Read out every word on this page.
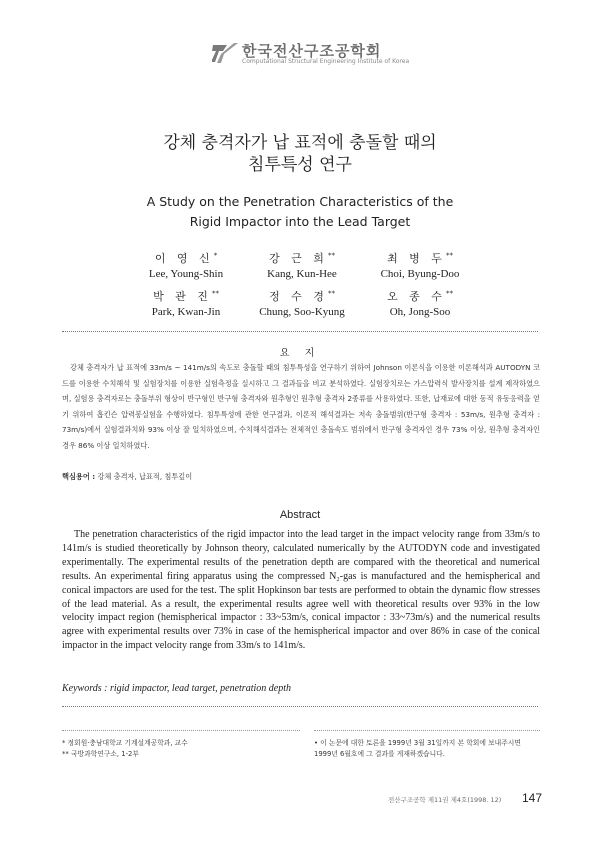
한국전산구조공학회
Computational Structural Engineering Institute of Korea
강체 충격자가 납 표적에 충돌할 때의
침투특성 연구
A Study on the Penetration Characteristics of the
Rigid Impactor into the Lead Target
이 영 신*
Lee, Young-Shin
강 근 희**
Kang, Kun-Hee
최 병 두**
Choi, Byung-Doo
박 관 진**
Park, Kwan-Jin
정 수 경**
Chung, Soo-Kyung
오 종 수**
Oh, Jong-Soo
요 지
강체 충격자가 납 표적에 33m/s ~ 141m/s의 속도로 충돌할 때의 침투특성을 연구하기 위하여 Johnson 이론식을 이용한 이론해석과 AUTODYN 코드를 이용한 수치해석 및 실험장치를 이용한 실험측정을 실시하고 그 결과들을 비교 분석하였다. 실험장치로는 가스압력식 발사장치를 설계 제작하였으며, 실험용 충격자로는 충돌부위 형상이 반구형인 반구형 충격자와 원추형인 원추형 충격자 2종류를 사용하였다. 또한, 납재료에 대한 동적 유동응력을 얻기 위하여 홉킨슨 압력봉실험을 수행하였다. 침투특성에 관한 연구결과, 이론적 해석결과는 저속 충돌범위(반구형 충격자 : 53m/s, 원추형 충격자 : 73m/s)에서 실험결과치와 93% 이상 잘 일치하였으며, 수치해석결과는 전체적인 충돌속도 범위에서 반구형 충격자인 경우 73% 이상, 원추형 충격자인 경우 86% 이상 일치하였다.
핵심용어 : 강체 충격자, 납표적, 침투깊이
Abstract
The penetration characteristics of the rigid impactor into the lead target in the impact velocity range from 33m/s to 141m/s is studied theoretically by Johnson theory, calculated numerically by the AUTODYN code and investigated experimentally. The experimental results of the penetration depth are compared with the theoretical and numerical results. An experimental firing apparatus using the compressed N₂-gas is manufactured and the hemispherical and conical impactors are used for the test. The split Hopkinson bar tests are performed to obtain the dynamic flow stresses of the lead material. As a result, the experimental results agree well with theoretical results over 93% in the low velocity impact region (hemispherical impactor : 33~53m/s, conical impactor : 33~73m/s) and the numerical results agree with experimental results over 73% in case of the hemispherical impactor and over 86% in case of the conical impactor in the impact velocity range from 33m/s to 141m/s.
Keywords : rigid impactor, lead target, penetration depth
* 정회원·충남대학교 기계설계공학과, 교수
** 국방과학연구소, 1-2부
• 이 논문에 대한 토론을 1999년 3월 31일까지 본 학회에 보내주시면 1999년 6월호에 그 결과를 게재하겠습니다.
전산구조공학 제11권 제4호(1998. 12) 147
